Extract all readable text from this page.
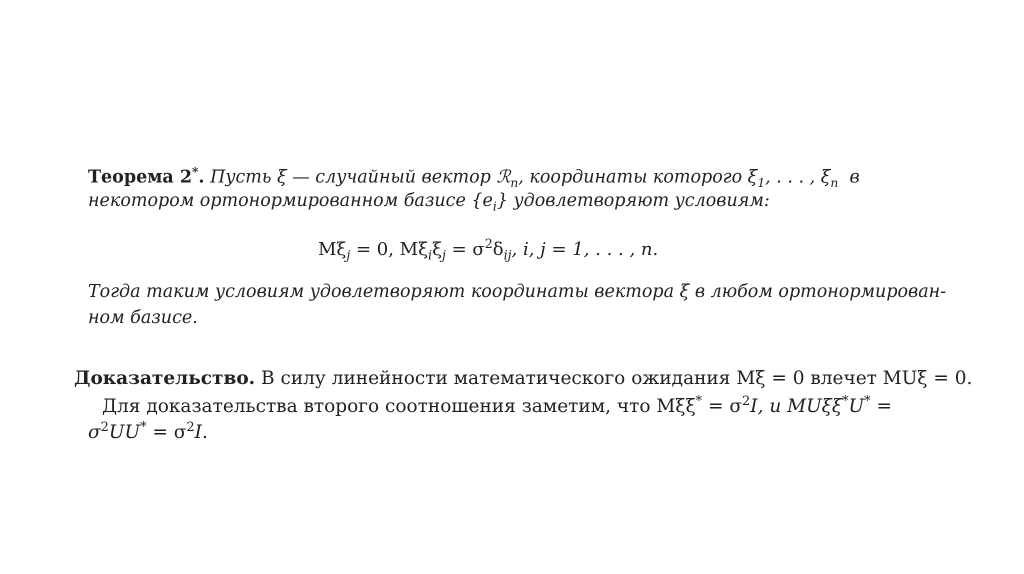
Теорема 2*. Пусть ξ — случайный вектор ℛ$_n$, координаты которого $\xi_1$, . . . , $\xi_n$ в
некотором ортонормированном базисе $\{e_i\}$ удовлетворяют условиям:
$M\xi_j = 0$, $M\xi_i\xi_j = \sigma^2\delta_{ij}$, i, j = 1, . . . , n.
Тогда таким условиям удовлетворяют координаты вектора ξ в любом ортонормирован-
ном базисе.
Доказательство. В силу линейности математического ожидания Mξ = 0 влечет MUξ = 0.
Для доказательства второго соотношения заметим, что $M\xi\xi^* = \sigma^2I$, и MUξξ*U* =
$\sigma^2UU^* = \sigma^2I$.
